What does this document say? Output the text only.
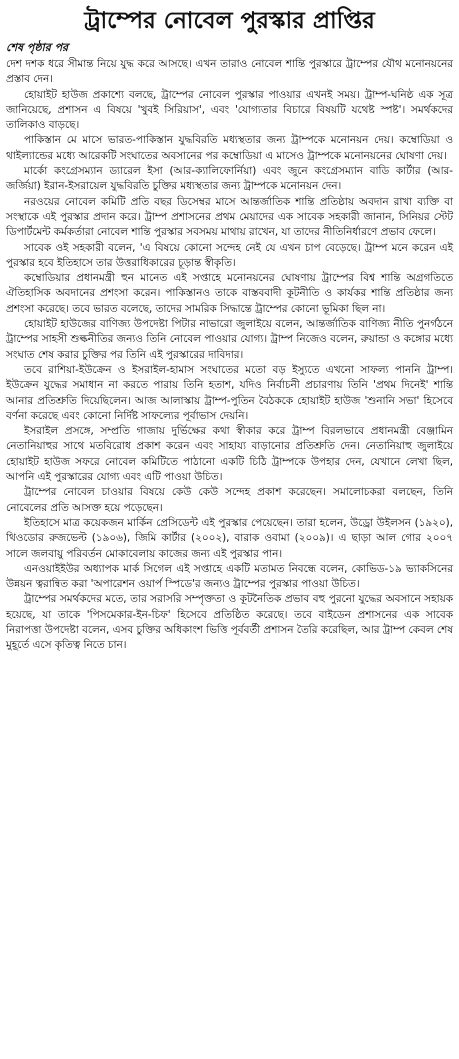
ট্রাম্পের নোবেল পুরস্কার প্রাপ্তির
শেষ পৃষ্ঠার পর

দেশ দশক ধরে সীমান্ত নিয়ে যুদ্ধ করে আসছে। এখন তারাও নোবেল শান্তি পুরস্কারে ট্রাম্পের যৌথ মনোনয়নের প্রস্তাব দেন।

হোয়াইট হাউজ প্রকাশ্যে বলছে, ট্রাম্পের নোবেল পুরস্কার পাওয়ার এখনই সময়। ট্রাম্প-ঘনিষ্ঠ এক সূত্র জানিয়েছে, প্রশাসন এ বিষয়ে 'খুবই সিরিয়াস', এবং 'যোগ্যতার বিচারে বিষয়টি যথেষ্ট স্পষ্ট'। সমর্থকদের তালিকাও বাড়ছে।

পাকিস্তান মে মাসে ভারত-পাকিস্তান যুদ্ধবিরতি মধ্যস্থতার জন্য ট্রাম্পকে মনোনয়ন দেয়। কম্বোডিয়া ও থাইল্যান্ডের মধ্যে আরেকটি সংঘাতের অবসানের পর কম্বোডিয়া এ মাসেও ট্রাম্পকে মনোনয়নের ঘোষণা দেয়।

মার্কো কংগ্রেসম্যান ড্যারেল ইসা (আর-ক্যালিফোর্নিয়া) এবং জুনে কংগ্রেসম্যান বাডি কার্টার (আর-জর্জিয়া) ইরান-ইসরায়েল যুদ্ধবিরতি চুক্তির মধ্যস্থতার জন্য ট্রাম্পকে মনোনয়ন দেন।

নরওয়ের নোবেল কমিটি প্রতি বছর ডিসেম্বর মাসে আন্তর্জাতিক শান্তি প্রতিষ্ঠায় অবদান রাখা ব্যক্তি বা সংস্থাকে এই পুরস্কার প্রদান করে। ট্রাম্প প্রশাসনের প্রথম মেয়াদের এক সাবেক সহকারী জানান, সিনিয়র স্টেট ডিপার্টমেন্ট কর্মকর্তারা নোবেল শান্তি পুরস্কার সবসময় মাথায় রাখেন, যা তাদের নীতিনির্ধারণে প্রভাব ফেলে।

সাবেক ওই সহকারী বলেন, 'এ বিষয়ে কোনো সন্দেহ নেই যে এখন চাপ বেড়েছে। ট্রাম্প মনে করেন এই পুরস্কার হবে ইতিহাসে তার উত্তরাধিকারের চূড়ান্ত স্বীকৃতি।

কম্বোডিয়ার প্রধানমন্ত্রী হুন মানেত এই সপ্তাহে মনোনয়নের ঘোষণায় ট্রাম্পের বিশ্ব শান্তি অগ্রগতিতে ঐতিহাসিক অবদানের প্রশংসা করেন। পাকিস্তানও তাকে বাস্তববাদী কূটনীতি ও কার্যকর শান্তি প্রতিষ্ঠার জন্য প্রশংসা করেছে। তবে ভারত বলেছে, তাদের সামরিক সিদ্ধান্তে ট্রাম্পের কোনো ভূমিকা ছিল না।

হোয়াইট হাউজের বাণিজ্য উপদেষ্টা পিটার নাভারো জুলাইয়ে বলেন, আন্তর্জাতিক বাণিজ্য নীতি পুনর্গঠনে ট্রাম্পের সাহসী শুল্কনীতির জন্যও তিনি নোবেল পাওয়ার যোগ্য। ট্রাম্প নিজেও বলেন, রুয়ান্ডা ও কঙ্গোর মধ্যে সংঘাত শেষ করার চুক্তির পর তিনি এই পুরস্কারের দাবিদার।

তবে রাশিয়া-ইউক্রেন ও ইসরাইল-হামাস সংঘাতের মতো বড় ইস্যুতে এখনো সাফল্য পাননি ট্রাম্প। ইউক্রেন যুদ্ধের সমাধান না করতে পারায় তিনি হতাশ, যদিও নির্বাচনী প্রচারণায় তিনি 'প্রথম দিনেই' শান্তি আনার প্রতিশ্রুতি দিয়েছিলেন। আজ আলাস্কায় ট্রাম্প-পুতিন বৈঠককে হোয়াইট হাউজ 'শুনানি সভা' হিসেবে বর্ণনা করেছে এবং কোনো নির্দিষ্ট সাফল্যের পূর্বাভাস দেয়নি।

ইসরাইল প্রসঙ্গে, সম্প্রতি গাজায় দুর্ভিক্ষের কথা স্বীকার করে ট্রাম্প বিরলভাবে প্রধানমন্ত্রী বেঞ্জামিন নেতানিয়াহুর সাথে মতবিরোধ প্রকাশ করেন এবং সাহায্য বাড়ানোর প্রতিশ্রুতি দেন। নেতানিয়াহু জুলাইয়ে হোয়াইট হাউজ সফরে নোবেল কমিটিতে পাঠানো একটি চিঠি ট্রাম্পকে উপহার দেন, যেখানে লেখা ছিল, আপনি এই পুরস্কারের যোগ্য এবং এটি পাওয়া উচিত।

ট্রাম্পের নোবেল চাওয়ার বিষয়ে কেউ কেউ সন্দেহ প্রকাশ করেছেন। সমালোচকরা বলছেন, তিনি নোবেলের প্রতি আসক্ত হয়ে পড়েছেন।

ইতিহাসে মাত্র কয়েকজন মার্কিন প্রেসিডেন্ট এই পুরস্কার পেয়েছেন। তারা হলেন, উড্রো উইলসন (১৯২০), থিওডোর রুজভেল্ট (১৯০৬), জিমি কার্টার (২০০২), বারাক ওবামা (২০০৯)। এ ছাড়া আল গোর ২০০৭ সালে জলবায়ু পরিবর্তন মোকাবেলায় কাজের জন্য এই পুরস্কার পান।

এনওয়াইইউর অধ্যাপক মার্ক সিগেল এই সপ্তাহে একটি মতামত নিবন্ধে বলেন, কোভিড-১৯ ভ্যাকসিনের উন্নয়ন ত্বরান্বিত করা 'অপারেশন ওয়ার্প স্পিডে'র জন্যও ট্রাম্পের পুরস্কার পাওয়া উচিত।

ট্রাম্পের সমর্থকদের মতে, তার সরাসরি সম্পৃক্ততা ও কূটনৈতিক প্রভাব বহু পুরনো যুদ্ধের অবসানে সহায়ক হয়েছে, যা তাকে 'পিসমেকার-ইন-চিফ' হিসেবে প্রতিষ্ঠিত করেছে। তবে বাইডেন প্রশাসনের এক সাবেক নিরাপত্তা উপদেষ্টা বলেন, এসব চুক্তির অধিকাংশ ভিত্তি পূর্ববর্তী প্রশাসন তৈরি করেছিল, আর ট্রাম্প কেবল শেষ মুহূর্তে এসে কৃতিত্ব নিতে চান।
